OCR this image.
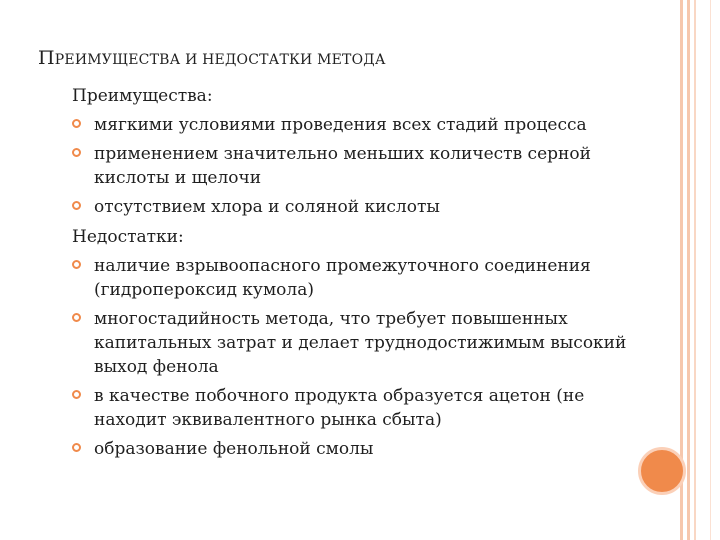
ПРЕИМУЩЕСТВА И НЕДОСТАТКИ МЕТОДА
Преимущества:
мягкими условиями проведения всех стадий процесса
применением значительно меньших количеств серной кислоты и щелочи
отсутствием хлора и соляной кислоты
Недостатки:
наличие взрывоопасного промежуточного соединения (гидропероксид кумола)
многостадийность метода, что требует повышенных капитальных затрат и делает труднодостижимым высокий выход фенола
в качестве побочного продукта образуется ацетон (не находит эквивалентного рынка сбыта)
образование фенольной смолы
